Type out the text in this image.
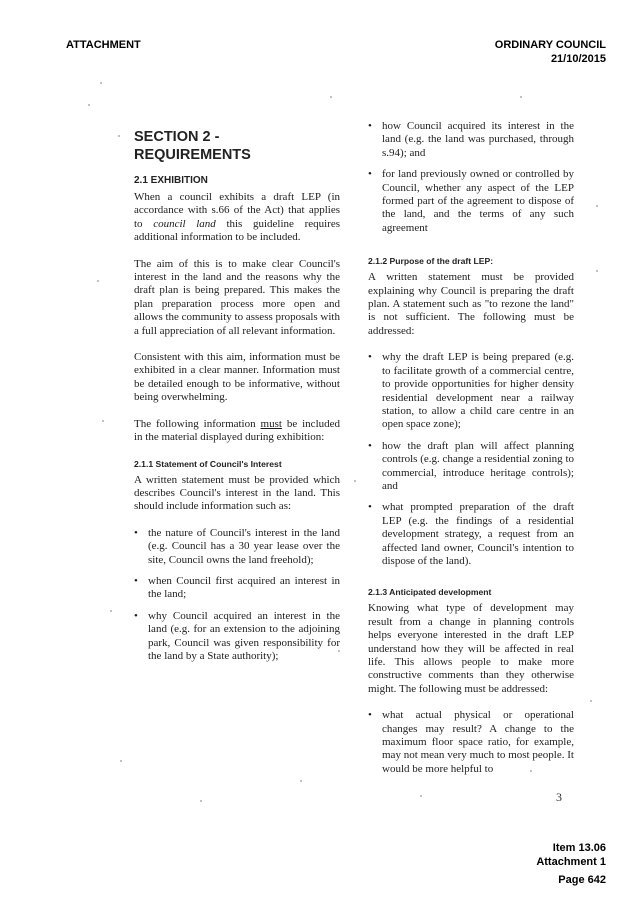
ATTACHMENT	ORDINARY COUNCIL
21/10/2015
SECTION 2 -
REQUIREMENTS
2.1 EXHIBITION

When a council exhibits a draft LEP (in accordance with s.66 of the Act) that applies to council land this guideline requires additional information to be included.

The aim of this is to make clear Council's interest in the land and the reasons why the draft plan is being prepared. This makes the plan preparation process more open and allows the community to assess proposals with a full appreciation of all relevant information.

Consistent with this aim, information must be exhibited in a clear manner. Information must be detailed enough to be informative, without being overwhelming.

The following information must be included in the material displayed during exhibition:

2.1.1 Statement of Council's Interest

A written statement must be provided which describes Council's interest in the land. This should include information such as:

• the nature of Council's interest in the land (e.g. Council has a 30 year lease over the site, Council owns the land freehold);
• when Council first acquired an interest in the land;
• why Council acquired an interest in the land (e.g. for an extension to the adjoining park, Council was given responsibility for the land by a State authority);
• how Council acquired its interest in the land (e.g. the land was purchased, through s.94); and
• for land previously owned or controlled by Council, whether any aspect of the LEP formed part of the agreement to dispose of the land, and the terms of any such agreement
2.1.2 Purpose of the draft LEP:

A written statement must be provided explaining why Council is preparing the draft plan. A statement such as "to rezone the land" is not sufficient. The following must be addressed:

• why the draft LEP is being prepared (e.g. to facilitate growth of a commercial centre, to provide opportunities for higher density residential development near a railway station, to allow a child care centre in an open space zone);
• how the draft plan will affect planning controls (e.g. change a residential zoning to commercial, introduce heritage controls); and
• what prompted preparation of the draft LEP (e.g. the findings of a residential development strategy, a request from an affected land owner, Council's intention to dispose of the land).
2.1.3 Anticipated development

Knowing what type of development may result from a change in planning controls helps everyone interested in the draft LEP understand how they will be affected in real life. This allows people to make more constructive comments than they otherwise might. The following must be addressed:

• what actual physical or operational changes may result? A change to the maximum floor space ratio, for example, may not mean very much to most people. It would be more helpful to
3
Item 13.06
Attachment 1
Page 642
